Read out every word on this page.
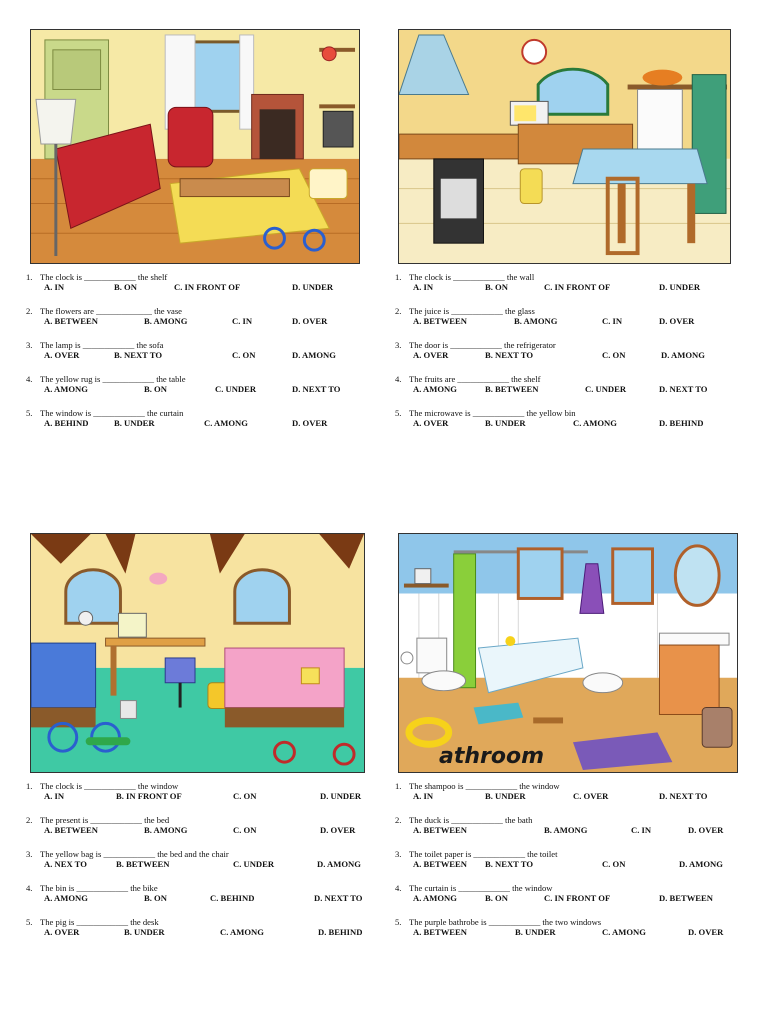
1. The clock is ____________ the shelf
A. IN	B. ON	C. IN FRONT OF	D. UNDER
2. The flowers are _____________ the vase
A. BETWEEN	B. AMONG	C. IN	D. OVER
3. The lamp is ____________ the sofa
A. OVER	B. NEXT TO	C. ON	D. AMONG
4. The yellow rug is ____________ the table
A. AMONG	B. ON	C. UNDER	D. NEXT TO
5. The window is ____________ the curtain
A. BEHIND	B. UNDER	C. AMONG	D. OVER
1. The clock is ____________ the wall
A. IN	B. ON	C. IN FRONT OF	D. UNDER
2. The juice is ____________ the glass
A. BETWEEN	B. AMONG	C. IN	D. OVER
3. The door is ____________ the refrigerator
A. OVER	B. NEXT TO	C. ON	D. AMONG
4. The fruits are ____________ the shelf
A. AMONG	B. BETWEEN	C. UNDER	D. NEXT TO
5. The microwave is ____________ the yellow bin
A. OVER	B. UNDER	C. AMONG	D. BEHIND
1. The clock is ____________ the window
A. IN	B. IN FRONT OF	C. ON	D. UNDER
2. The present is ____________ the bed
A. BETWEEN	B. AMONG	C. ON	D. OVER
3. The yellow bag is ____________ the bed and the chair
A. NEX TO	B. BETWEEN	C. UNDER	D. AMONG
4. The bin is ____________ the bike
A. AMONG	B. ON	C. BEHIND	D. NEXT TO
5. The pig is ____________ the desk
A. OVER	B. UNDER	C. AMONG	D. BEHIND
athroom
1. The shampoo is ____________ the window
A. IN	B. UNDER	C. OVER	D. NEXT TO
2. The duck is ____________ the bath
A. BETWEEN	B. AMONG	C. IN	D. OVER
3. The toilet paper is ____________ the toilet
A. BETWEEN B. NEXT TO	C. ON	D. AMONG
4. The curtain is ____________ the window
A. AMONG	B. ON	C. IN FRONT OF	D. BETWEEN
5. The purple bathrobe is ____________ the two windows
A. BETWEEN	B. UNDER	C. AMONG	D. OVER
